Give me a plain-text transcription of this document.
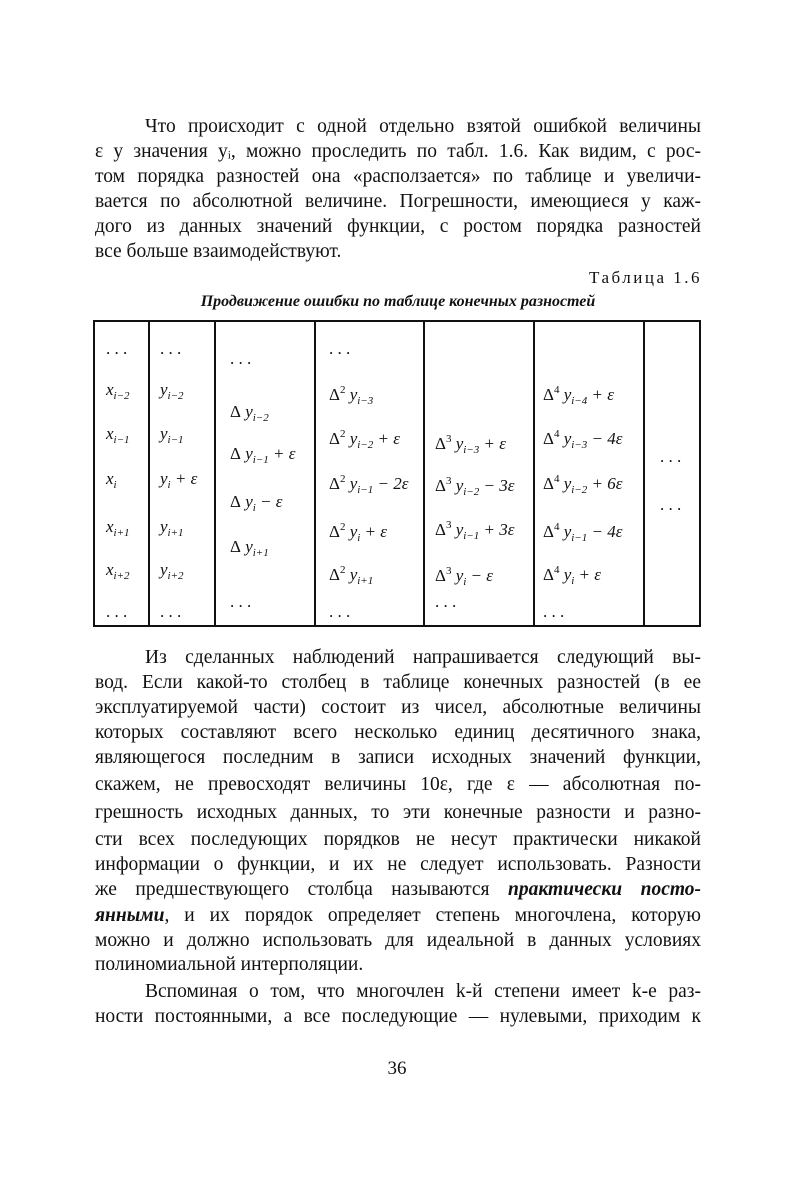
Что происходит с одной отдельно взятой ошибкой величины
ε у значения yᵢ, можно проследить по табл. 1.6. Как видим, с рос-
том порядка разностей она «расползается» по таблице и увеличи-
вается по абсолютной величине. Погрешности, имеющиеся у каж-
дого из данных значений функции, с ростом порядка разностей
все больше взаимодействуют.
Таблица 1.6
Продвижение ошибки по таблице конечных разностей
. . .
$x_{i-2}$
$x_{i-1}$
$x_i$
$x_{i+1}$
$x_{i+2}$
. . .
. . .
$y_{i-2}$
$y_{i-1}$
$y_i + \varepsilon$
$y_{i+1}$
$y_{i+2}$
. . .
. . .
Δ $y_{i-2}$
Δ $y_{i-1} + \varepsilon$
Δ $y_i - \varepsilon$
Δ $y_{i+1}$
. . .
. . .
$\Delta^2$ $y_{i-3}$
$\Delta^2$ $y_{i-2} + \varepsilon$
$\Delta^2$ $y_{i-1} - 2\varepsilon$
$\Delta^2$ $y_i + \varepsilon$
$\Delta^2$ $y_{i+1}$
. . .
$\Delta^3$ $y_{i-3} + \varepsilon$
$\Delta^3$ $y_{i-2} - 3\varepsilon$
$\Delta^3$ $y_{i-1} + 3\varepsilon$
$\Delta^3$ $y_i - \varepsilon$
. . .
$\Delta^4$ $y_{i-4} + \varepsilon$
$\Delta^4$ $y_{i-3} - 4\varepsilon$
$\Delta^4$ $y_{i-2} + 6\varepsilon$
$\Delta^4$ $y_{i-1} - 4\varepsilon$
$\Delta^4$ $y_i + \varepsilon$
. . .
. . .
. . .
Из сделанных наблюдений напрашивается следующий вы-
вод. Если какой-то столбец в таблице конечных разностей (в ее
эксплуатируемой части) состоит из чисел, абсолютные величины
которых составляют всего несколько единиц десятичного знака,
являющегося последним в записи исходных значений функции,
скажем, не превосходят величины 10ε, где ε — абсолютная по-
грешность исходных данных, то эти конечные разности и разно-
сти всех последующих порядков не несут практически никакой
информации о функции, и их не следует использовать. Разности
же предшествующего столбца называются практически посто-
янными, и их порядок определяет степень многочлена, которую
можно и должно использовать для идеальной в данных условиях
полиномиальной интерполяции.
Вспоминая о том, что многочлен k-й степени имеет k-е раз-
ности постоянными, а все последующие — нулевыми, приходим к
36
